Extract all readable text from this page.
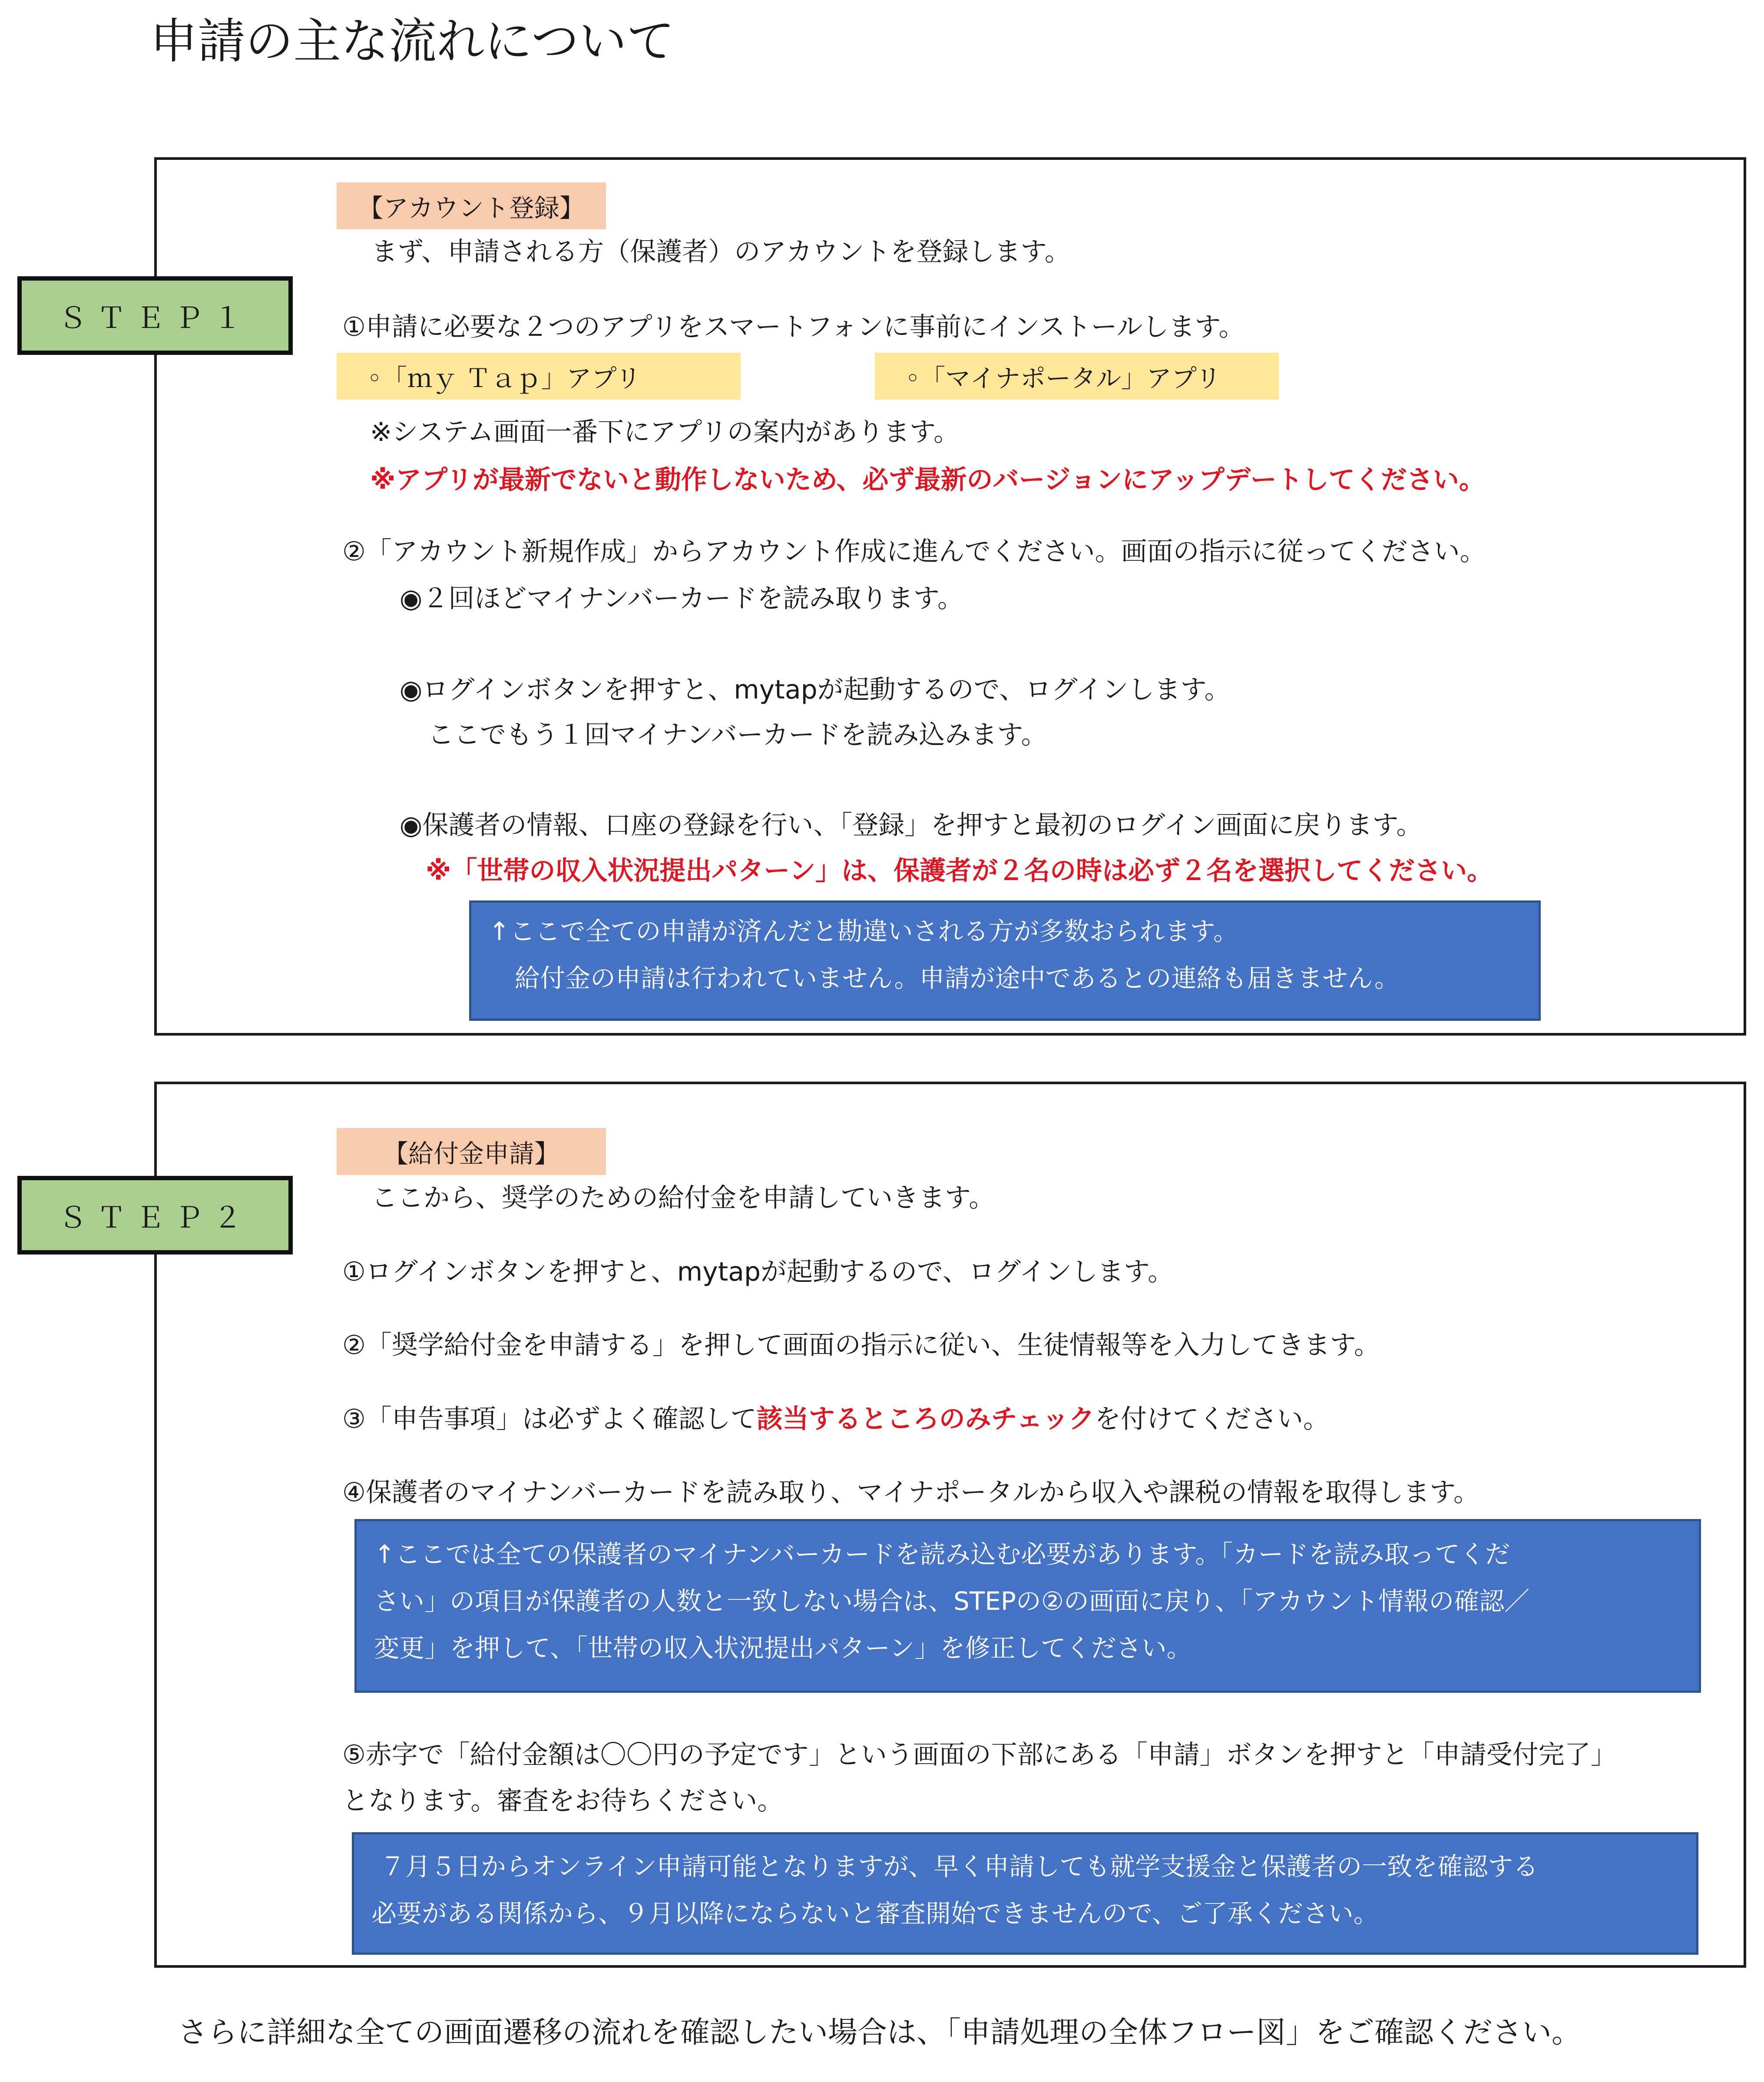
申請の主な流れについて
ＳＴＥＰ１
【アカウント登録】
まず、申請される方（保護者）のアカウントを登録します。
①申請に必要な２つのアプリをスマートフォンに事前にインストールします。
◦「ｍｙ Ｔａｐ」アプリ	◦「マイナポータル」アプリ
※システム画面一番下にアプリの案内があります。
※アプリが最新でないと動作しないため、必ず最新のバージョンにアップデートしてください。
②「アカウント新規作成」からアカウント作成に進んでください。画面の指示に従ってください。
◉２回ほどマイナンバーカードを読み取ります。
◉ログインボタンを押すと、mytapが起動するので、ログインします。
ここでもう１回マイナンバーカードを読み込みます。
◉保護者の情報、口座の登録を行い、「登録」を押すと最初のログイン画面に戻ります。
※「世帯の収入状況提出パターン」は、保護者が２名の時は必ず２名を選択してください。
↑ここで全ての申請が済んだと勘違いされる方が多数おられます。
給付金の申請は行われていません。申請が途中であるとの連絡も届きません。
ＳＴＥＰ２
【給付金申請】
ここから、奨学のための給付金を申請していきます。
①ログインボタンを押すと、mytapが起動するので、ログインします。
②「奨学給付金を申請する」を押して画面の指示に従い、生徒情報等を入力してきます。
③「申告事項」は必ずよく確認して該当するところのみチェックを付けてください。
④保護者のマイナンバーカードを読み取り、マイナポータルから収入や課税の情報を取得します。
↑ここでは全ての保護者のマイナンバーカードを読み込む必要があります。「カードを読み取ってくだ
さい」の項目が保護者の人数と一致しない場合は、STEPの②の画面に戻り、「アカウント情報の確認／
変更」を押して、「世帯の収入状況提出パターン」を修正してください。
⑤赤字で「給付金額は〇〇円の予定です」という画面の下部にある「申請」ボタンを押すと「申請受付完了」
となります。審査をお待ちください。
７月５日からオンライン申請可能となりますが、早く申請しても就学支援金と保護者の一致を確認する
必要がある関係から、９月以降にならないと審査開始できませんので、ご了承ください。
さらに詳細な全ての画面遷移の流れを確認したい場合は、「申請処理の全体フロー図」をご確認ください。
